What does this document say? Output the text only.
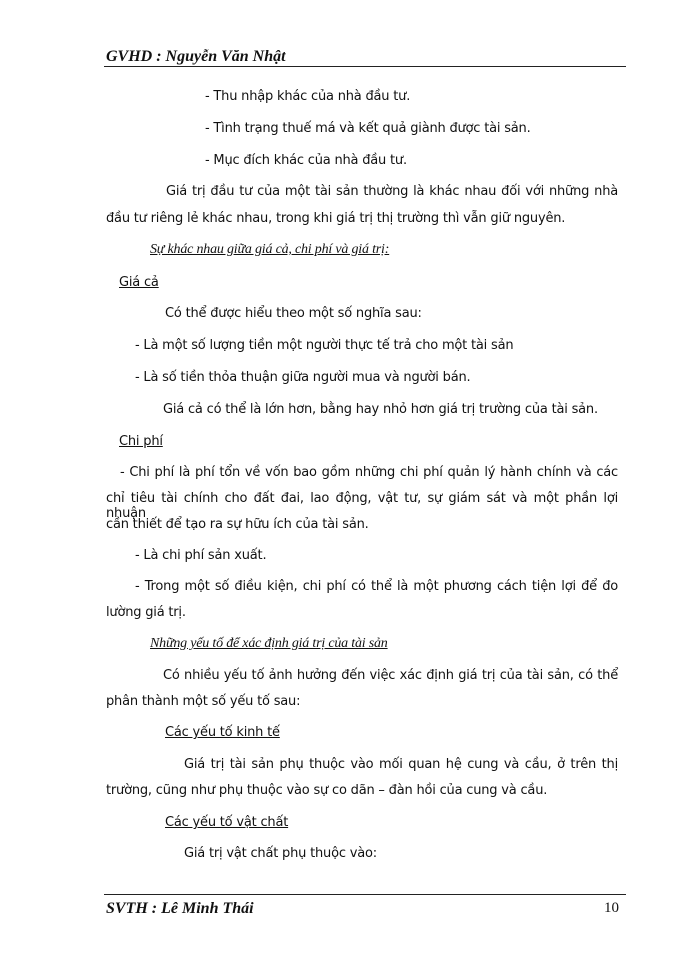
GVHD : Nguyễn Văn Nhật
- Thu nhập khác của nhà đầu tư.
- Tình trạng thuế má và kết quả giành được tài sản.
- Mục đích khác của nhà đầu tư.
Giá trị đầu tư của một tài sản thường là khác nhau đối với những nhà
đầu tư riêng lẻ khác nhau, trong khi giá trị thị trường thì vẫn giữ nguyên.
Sự khác nhau giữa giá cả, chi phí và giá trị:
Giá cả
Có thể được hiểu theo một số nghĩa sau:
- Là một số lượng tiền một người thực tế trả cho một tài sản
- Là số tiền thỏa thuận giữa người mua và người bán.
Giá cả có thể là lớn hơn, bằng hay nhỏ hơn giá trị trường của tài sản.
Chi phí
- Chi phí là phí tổn về vốn bao gồm những chi phí quản lý hành chính và các
chỉ tiêu tài chính cho đất đai, lao động, vật tư, sự giám sát và một phần lợi nhuận
cần thiết để tạo ra sự hữu ích của tài sản.
- Là chi phí sản xuất.
- Trong một số điều kiện, chi phí có thể là một phương cách tiện lợi để đo
lường giá trị.
Những yếu tố để xác định giá trị của tài sản
Có nhiều yếu tố ảnh hưởng đến việc xác định giá trị của tài sản, có thể
phân thành một số yếu tố sau:
Các yếu tố kinh tế
Giá trị tài sản phụ thuộc vào mối quan hệ cung và cầu, ở trên thị
trường, cũng như phụ thuộc vào sự co dãn – đàn hồi của cung và cầu.
Các yếu tố vật chất
Giá trị vật chất phụ thuộc vào:
SVTH : Lê Minh Thái	10
